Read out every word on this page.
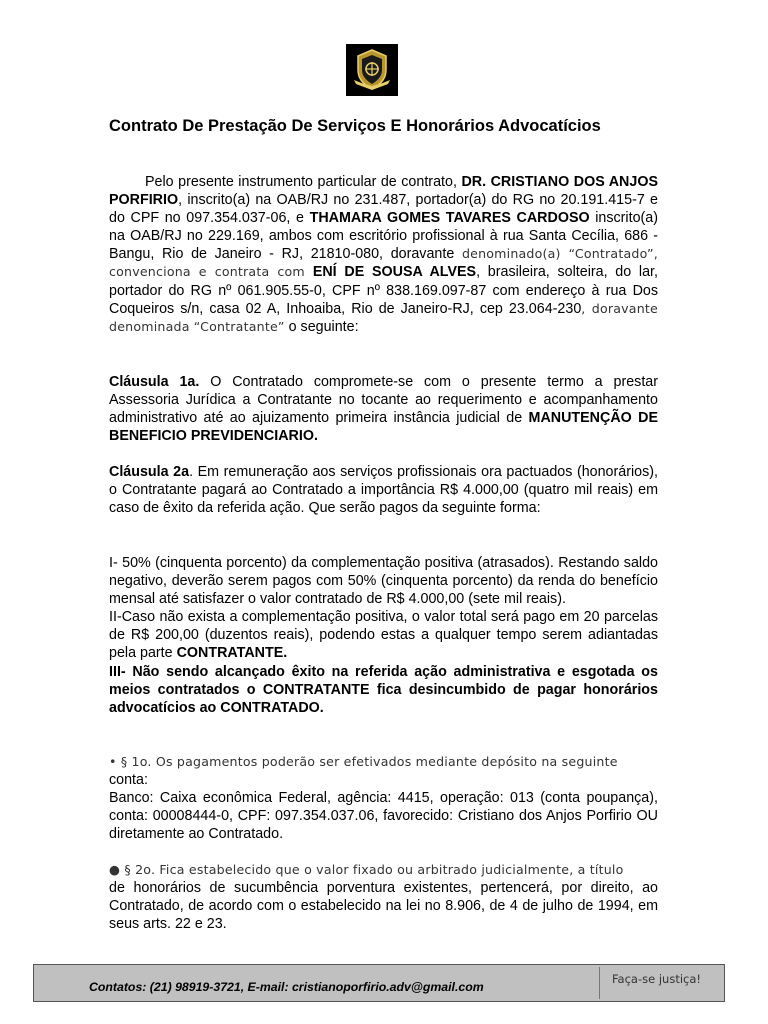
Contrato De Prestação De Serviços E Honorários Advocatícios

Pelo presente instrumento particular de contrato, DR. CRISTIANO DOS ANJOS PORFIRIO, inscrito(a) na OAB/RJ no 231.487, portador(a) do RG no 20.191.415-7 e do CPF no 097.354.037-06, e THAMARA GOMES TAVARES CARDOSO inscrito(a) na OAB/RJ no 229.169, ambos com escritório profissional à rua Santa Cecília, 686 - Bangu, Rio de Janeiro - RJ, 21810-080, doravante denominado(a) “Contratado”, convenciona e contrata com ENÍ DE SOUSA ALVES, brasileira, solteira, do lar, portador do RG nº 061.905.55-0, CPF nº 838.169.097-87 com endereço à rua Dos Coqueiros s/n, casa 02 A, Inhoaiba, Rio de Janeiro-RJ, cep 23.064-230, doravante denominada “Contratante” o seguinte:

Cláusula 1a. O Contratado compromete-se com o presente termo a prestar Assessoria Jurídica a Contratante no tocante ao requerimento e acompanhamento administrativo até ao ajuizamento primeira instância judicial de MANUTENÇÃO DE BENEFICIO PREVIDENCIARIO.

Cláusula 2a. Em remuneração aos serviços profissionais ora pactuados (honorários), o Contratante pagará ao Contratado a importância R$ 4.000,00 (quatro mil reais) em caso de êxito da referida ação. Que serão pagos da seguinte forma:

I- 50% (cinquenta porcento) da complementação positiva (atrasados). Restando saldo negativo, deverão serem pagos com 50% (cinquenta porcento) da renda do benefício mensal até satisfazer o valor contratado de R$ 4.000,00 (sete mil reais).

II-Caso não exista a complementação positiva, o valor total será pago em 20 parcelas de R$ 200,00 (duzentos reais), podendo estas a qualquer tempo serem adiantadas pela parte CONTRATANTE.

III- Não sendo alcançado êxito na referida ação administrativa e esgotada os meios contratados o CONTRATANTE fica desincumbido de pagar honorários advocatícios ao CONTRATADO.

• § 1o. Os pagamentos poderão ser efetivados mediante depósito na seguinte

conta:

Banco: Caixa econômica Federal, agência: 4415, operação: 013 (conta poupança), conta: 00008444-0, CPF: 097.354.037.06, favorecido: Cristiano dos Anjos Porfirio OU diretamente ao Contratado.

● § 2o. Fica estabelecido que o valor fixado ou arbitrado judicialmente, a título

de honorários de sucumbência porventura existentes, pertencerá, por direito, ao Contratado, de acordo com o estabelecido na lei no 8.906, de 4 de julho de 1994, em seus arts. 22 e 23.

Contatos: (21) 98919-3721, E-mail: cristianoporfirio.adv@gmail.com
Faça-se justiça!
